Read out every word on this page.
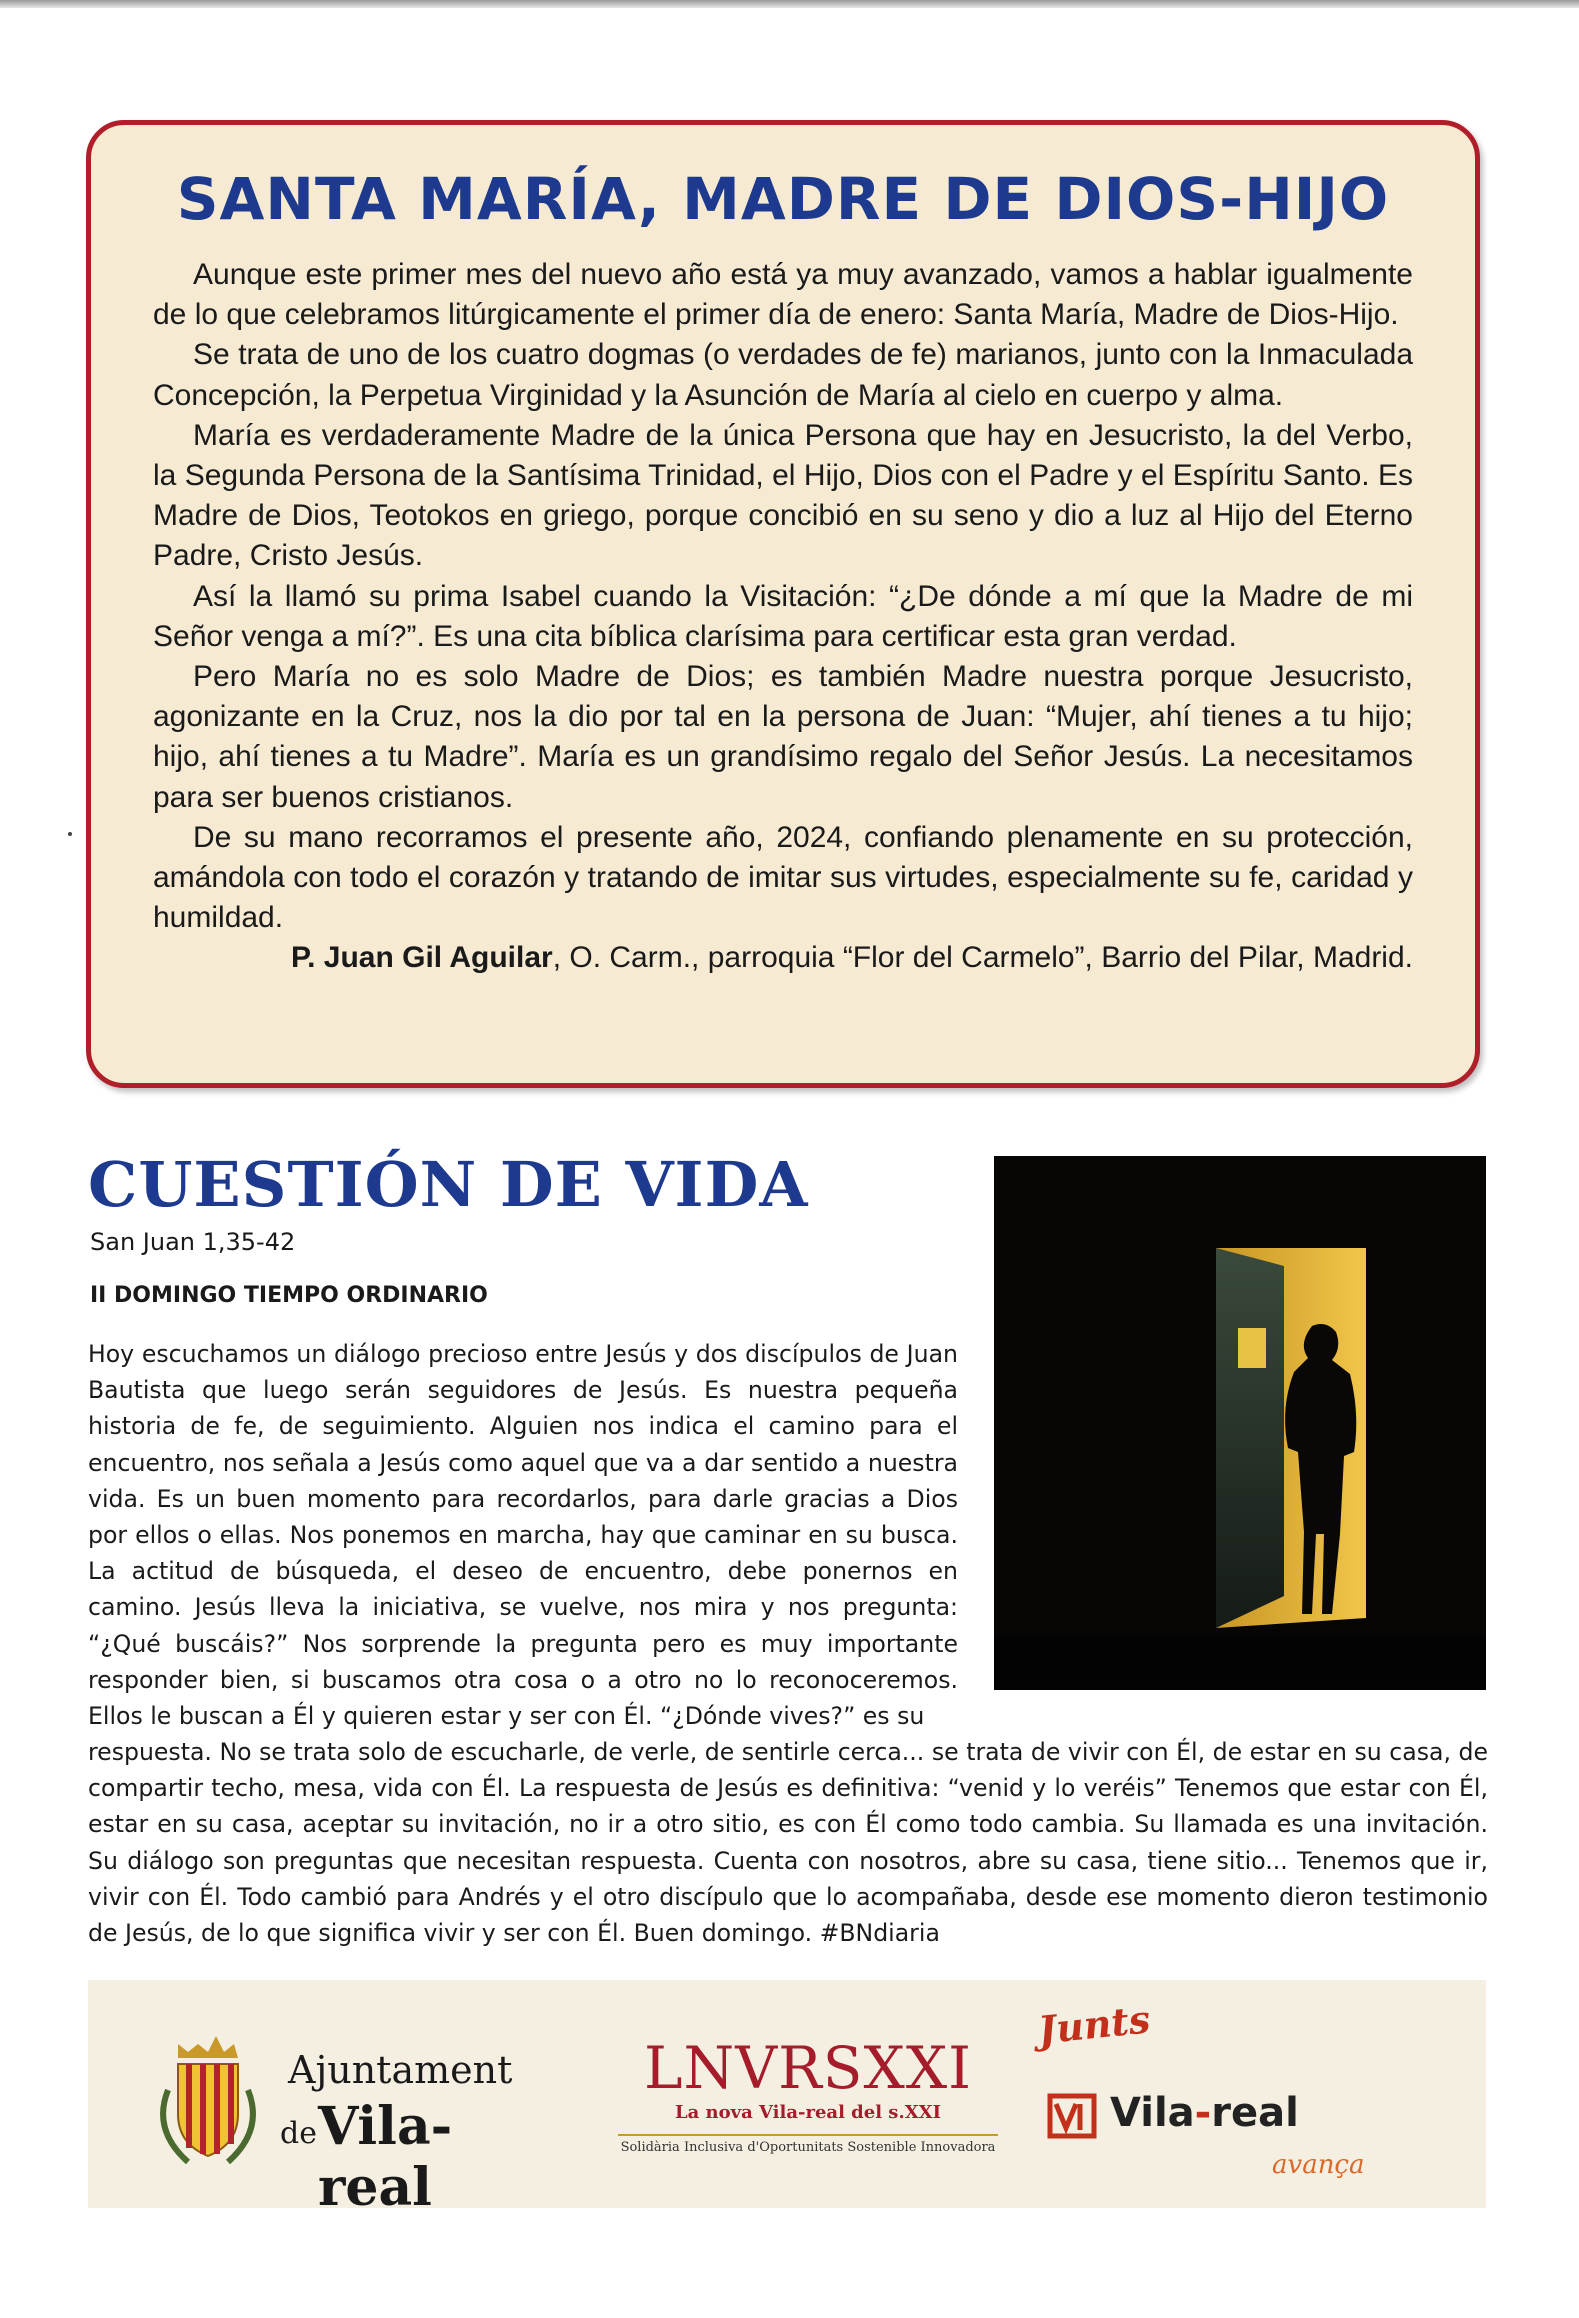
SANTA MARÍA, MADRE DE DIOS-HIJO

Aunque este primer mes del nuevo año está ya muy avanzado, vamos a hablar igualmente de lo que celebramos litúrgicamente el primer día de enero: Santa María, Madre de Dios-Hijo.

Se trata de uno de los cuatro dogmas (o verdades de fe) marianos, junto con la Inmaculada Concepción, la Perpetua Virginidad y la Asunción de María al cielo en cuerpo y alma.

María es verdaderamente Madre de la única Persona que hay en Jesucristo, la del Verbo, la Segunda Persona de la Santísima Trinidad, el Hijo, Dios con el Padre y el Espíritu Santo. Es Madre de Dios, Teotokos en griego, porque concibió en su seno y dio a luz al Hijo del Eterno Padre, Cristo Jesús.

Así la llamó su prima Isabel cuando la Visitación: “¿De dónde a mí que la Madre de mi Señor venga a mí?”. Es una cita bíblica clarísima para certificar esta gran verdad.

Pero María no es solo Madre de Dios; es también Madre nuestra porque Jesucristo, agonizante en la Cruz, nos la dio por tal en la persona de Juan: “Mujer, ahí tienes a tu hijo; hijo, ahí tienes a tu Madre”. María es un grandísimo regalo del Señor Jesús. La necesitamos para ser buenos cristianos.

De su mano recorramos el presente año, 2024, confiando plenamente en su protección, amándola con todo el corazón y tratando de imitar sus virtudes, especialmente su fe, caridad y humildad.

P. Juan Gil Aguilar, O. Carm., parroquia “Flor del Carmelo”, Barrio del Pilar, Madrid.

CUESTIÓN DE VIDA
San Juan 1,35-42
II DOMINGO TIEMPO ORDINARIO
Hoy escuchamos un diálogo precioso entre Jesús y dos discípulos de Juan Bautista que luego serán seguidores de Jesús. Es nuestra pequeña historia de fe, de seguimiento. Alguien nos indica el camino para el encuentro, nos señala a Jesús como aquel que va a dar sentido a nuestra vida. Es un buen momento para recordarlos, para darle gracias a Dios por ellos o ellas. Nos ponemos en marcha, hay que caminar en su busca. La actitud de búsqueda, el deseo de encuentro, debe ponernos en camino. Jesús lleva la iniciativa, se vuelve, nos mira y nos pregunta: “¿Qué buscáis?” Nos sorprende la pregunta pero es muy importante responder bien, si buscamos otra cosa o a otro no lo reconoceremos. Ellos le buscan a Él y quieren estar y ser con Él. “¿Dónde vives?” es su
respuesta. No se trata solo de escucharle, de verle, de sentirle cerca... se trata de vivir con Él, de estar en su casa, de compartir techo, mesa, vida con Él. La respuesta de Jesús es definitiva: “venid y lo veréis” Tenemos que estar con Él, estar en su casa, aceptar su invitación, no ir a otro sitio, es con Él como todo cambia. Su llamada es una invitación. Su diálogo son preguntas que necesitan respuesta. Cuenta con nosotros, abre su casa, tiene sitio... Tenemos que ir, vivir con Él. Todo cambió para Andrés y el otro discípulo que lo acompañaba, desde ese momento dieron testimonio de Jesús, de lo que significa vivir y ser con Él. Buen domingo. #BNdiaria
Ajuntament
de Vila-real
LNVRSXXI
La nova Vila-real del s.XXI
Solidària Inclusiva d'Oportunitats Sostenible Innovadora
Junts
Vila-real
avança
